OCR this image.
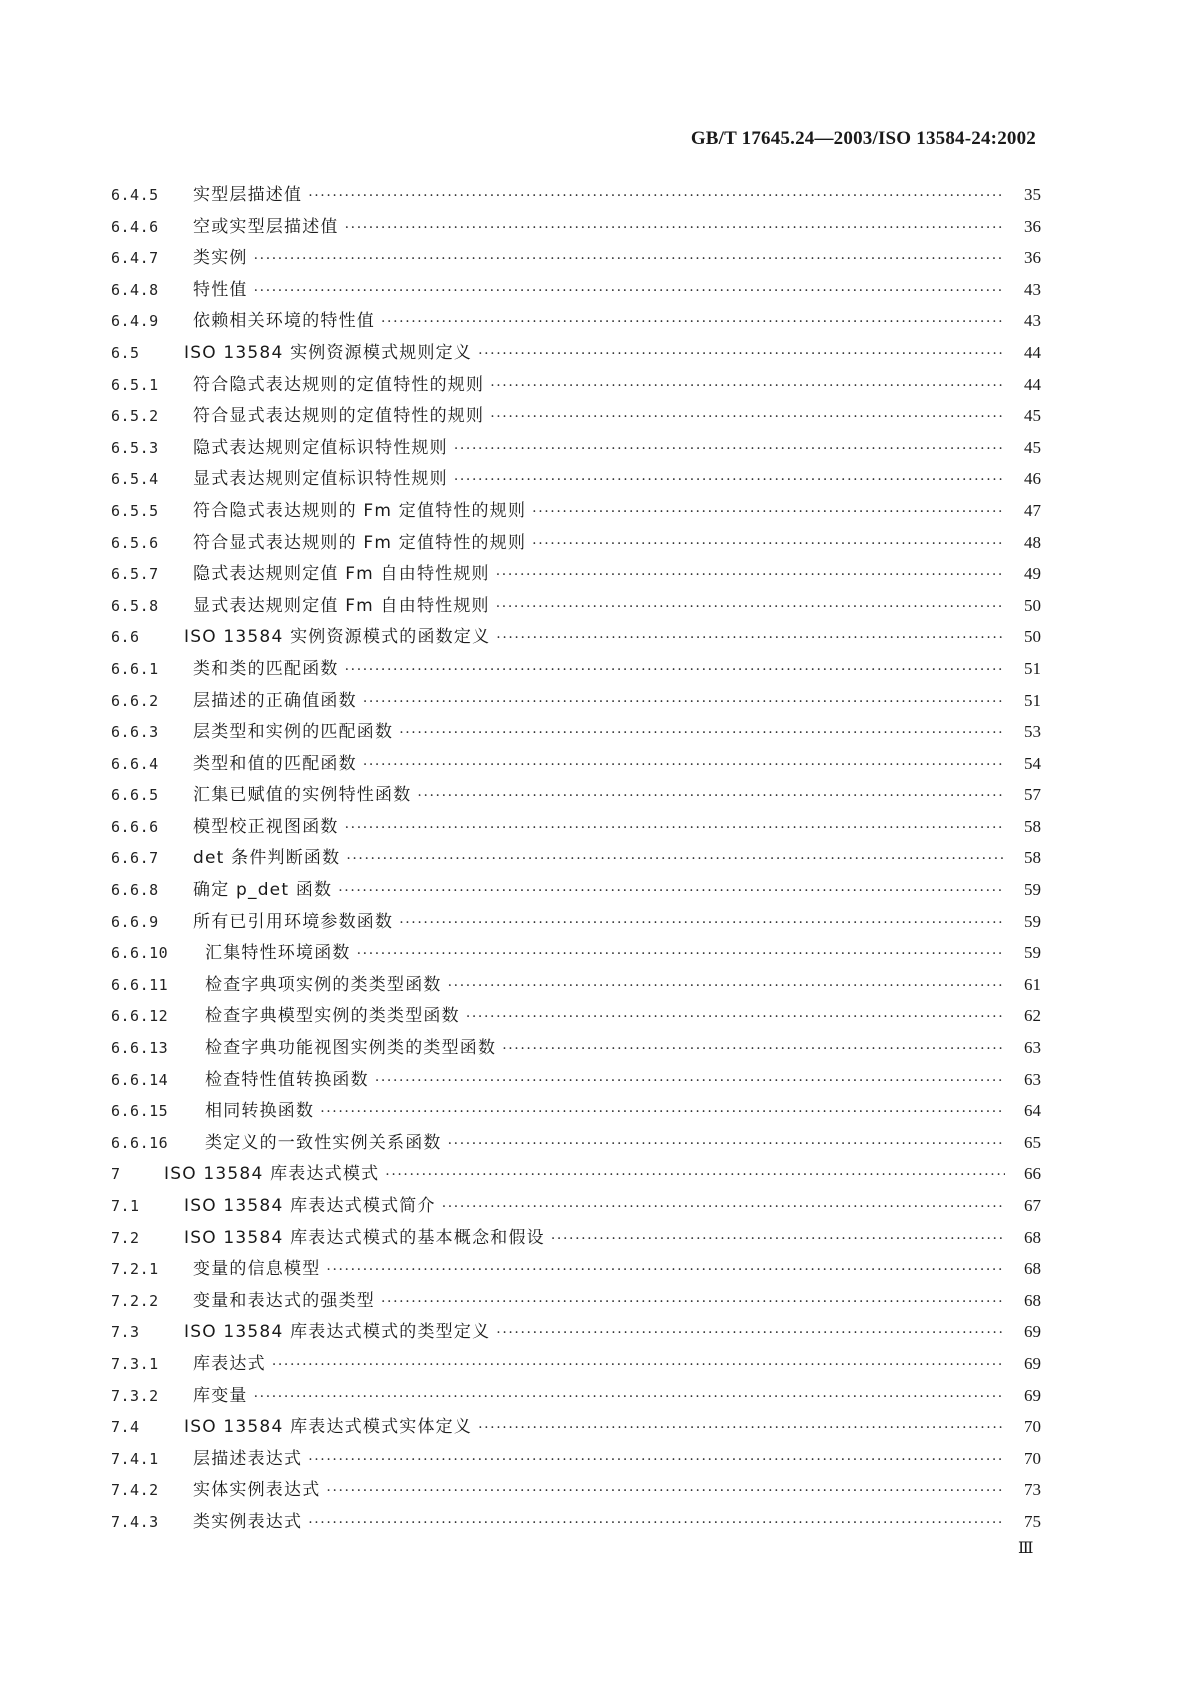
GB/T 17645.24—2003/ISO 13584-24:2002
6.4.5	实型层描述值 ·····	35
6.4.6	空或实型层描述值 ·····	36
6.4.7	类实例 ·····	36
6.4.8	特性值 ·····	43
6.4.9	依赖相关环境的特性值 ·····	43
6.5	ISO 13584 实例资源模式规则定义 ·····	44
6.5.1	符合隐式表达规则的定值特性的规则 ·····	44
6.5.2	符合显式表达规则的定值特性的规则 ·····	45
6.5.3	隐式表达规则定值标识特性规则 ·····	45
6.5.4	显式表达规则定值标识特性规则 ·····	46
6.5.5	符合隐式表达规则的 Fm 定值特性的规则 ·····	47
6.5.6	符合显式表达规则的 Fm 定值特性的规则 ·····	48
6.5.7	隐式表达规则定值 Fm 自由特性规则 ·····	49
6.5.8	显式表达规则定值 Fm 自由特性规则 ·····	50
6.6	ISO 13584 实例资源模式的函数定义 ·····	50
6.6.1	类和类的匹配函数 ·····	51
6.6.2	层描述的正确值函数 ·····	51
6.6.3	层类型和实例的匹配函数 ·····	53
6.6.4	类型和值的匹配函数 ·····	54
6.6.5	汇集已赋值的实例特性函数 ·····	57
6.6.6	模型校正视图函数 ·····	58
6.6.7	det 条件判断函数 ·····	58
6.6.8	确定 p_det 函数 ·····	59
6.6.9	所有已引用环境参数函数 ·····	59
6.6.10	汇集特性环境函数 ·····	59
6.6.11	检查字典项实例的类类型函数 ·····	61
6.6.12	检查字典模型实例的类类型函数 ·····	62
6.6.13	检查字典功能视图实例类的类型函数 ·····	63
6.6.14	检查特性值转换函数 ·····	63
6.6.15	相同转换函数 ·····	64
6.6.16	类定义的一致性实例关系函数 ·····	65
7	ISO 13584 库表达式模式 ·····	66
7.1	ISO 13584 库表达式模式简介 ·····	67
7.2	ISO 13584 库表达式模式的基本概念和假设 ·····	68
7.2.1	变量的信息模型 ·····	68
7.2.2	变量和表达式的强类型 ·····	68
7.3	ISO 13584 库表达式模式的类型定义 ·····	69
7.3.1	库表达式 ·····	69
7.3.2	库变量 ·····	69
7.4	ISO 13584 库表达式模式实体定义 ·····	70
7.4.1	层描述表达式 ·····	70
7.4.2	实体实例表达式 ·····	73
7.4.3	类实例表达式 ·····	75
Ⅲ
